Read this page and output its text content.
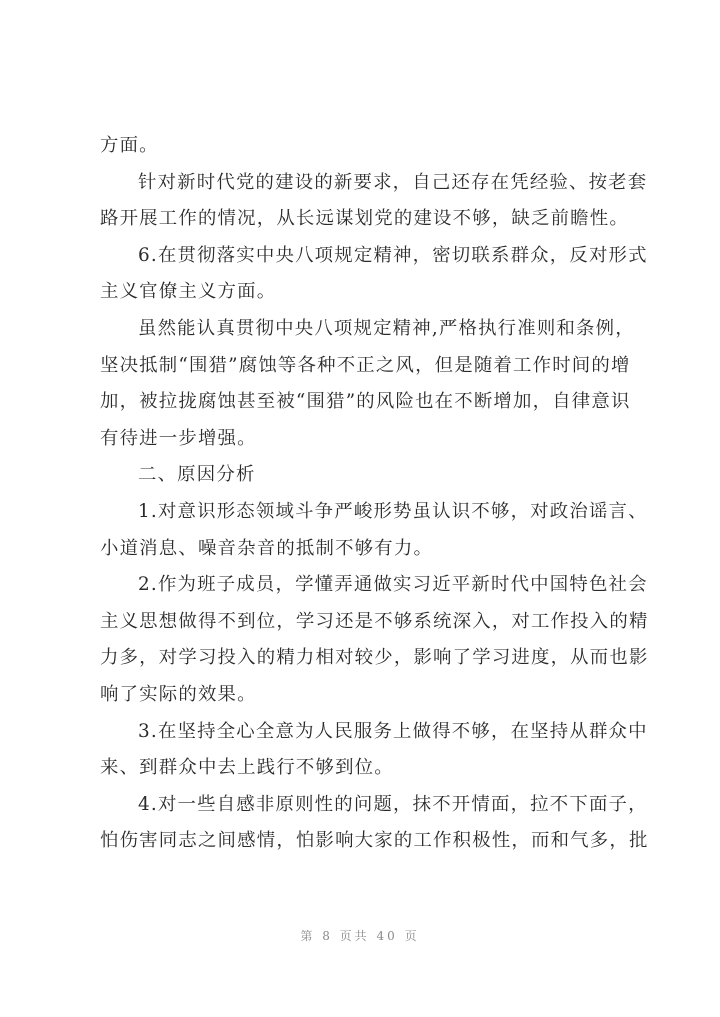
方面。

针对新时代党的建设的新要求，自己还存在凭经验、按老套
路开展工作的情况，从长远谋划党的建设不够，缺乏前瞻性。

6.在贯彻落实中央八项规定精神，密切联系群众，反对形式
主义官僚主义方面。

虽然能认真贯彻中央八项规定精神,严格执行准则和条例，
坚决抵制“围猎”腐蚀等各种不正之风，但是随着工作时间的增
加，被拉拢腐蚀甚至被“围猎”的风险也在不断增加，自律意识
有待进一步增强。

二、原因分析

1.对意识形态领域斗争严峻形势虽认识不够，对政治谣言、
小道消息、噪音杂音的抵制不够有力。

2.作为班子成员，学懂弄通做实习近平新时代中国特色社会
主义思想做得不到位，学习还是不够系统深入，对工作投入的精
力多，对学习投入的精力相对较少，影响了学习进度，从而也影
响了实际的效果。

3.在坚持全心全意为人民服务上做得不够，在坚持从群众中
来、到群众中去上践行不够到位。

4.对一些自感非原则性的问题，抹不开情面，拉不下面子，
怕伤害同志之间感情，怕影响大家的工作积极性，而和气多，批

第 8 页共 40 页
